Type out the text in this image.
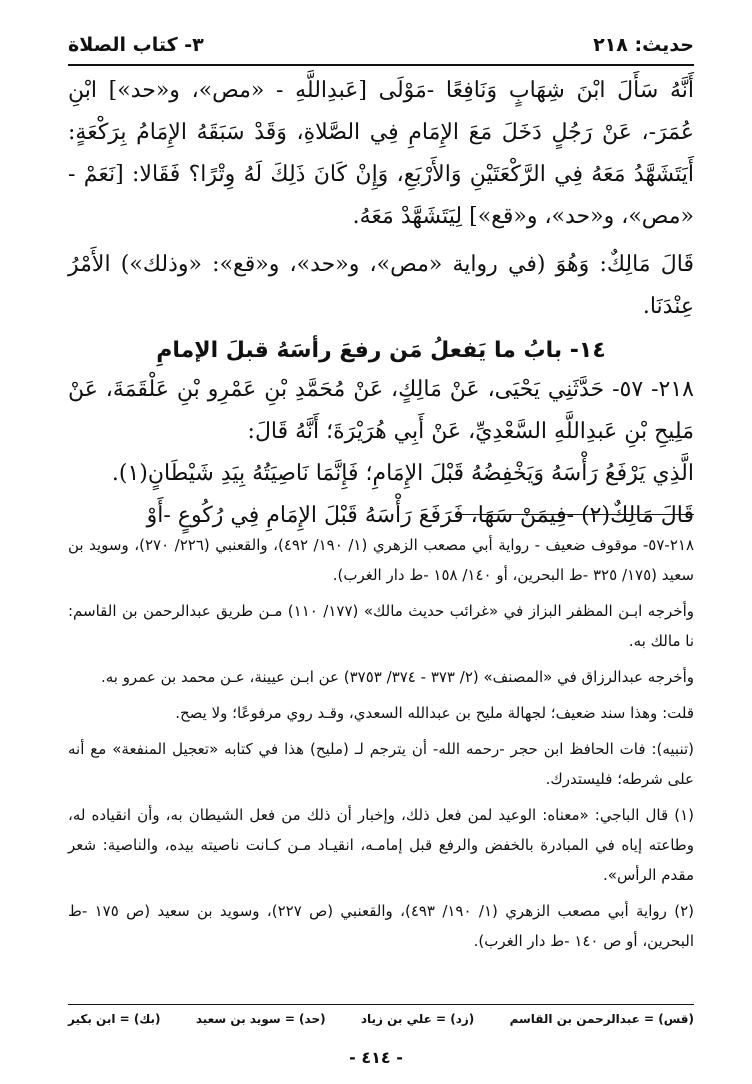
حديث: ٢١٨
٣- كتاب الصلاة

أَنَّهُ سَأَلَ ابْنَ شِهَابٍ وَنَافِعًا -مَوْلَى [عَبدِاللَّهِ - «مص»، و«حد»] ابْنِ عُمَرَ-، عَنْ رَجُلٍ دَخَلَ مَعَ الإِمَامِ فِي الصَّلاةِ، وَقَدْ سَبَقَهُ الإِمَامُ بِرَكْعَةٍ: أَيَتَشَهَّدُ مَعَهُ فِي الرَّكْعَتَيْنِ وَالأَرْبَعِ، وَإِنْ كَانَ ذَلِكَ لَهُ وِتْرًا؟ فَقَالا: [نَعَمْ - «مص»، و«حد»، و«قع»] لِيَتَشَهَّدْ مَعَهُ.

قَالَ مَالِكٌ: وَهُوَ (في رواية «مص»، و«حد»، و«قع»: «وذلك») الأَمْرُ عِنْدَنَا.

١٤- بابُ ما يَفعلُ مَن رفعَ رأسَهُ قبلَ الإمامِ

٢١٨- ٥٧- حَدَّثَنِي يَحْيَى، عَنْ مَالِكٍ، عَنْ مُحَمَّدِ بْنِ عَمْرِو بْنِ عَلْقَمَةَ، عَنْ مَلِيحِ بْنِ عَبدِاللَّهِ السَّعْدِيِّ، عَنْ أَبِي هُرَيْرَةَ؛ أَنَّهُ قَالَ:

الَّذِي يَرْفَعُ رَأْسَهُ وَيَخْفِضُهُ قَبْلَ الإِمَامِ؛ فَإِنَّمَا نَاصِيَتُهُ بِيَدِ شَيْطَانٍ(١).

قَالَ مَالِكٌ(٢) -فِيمَنْ سَهَا، فَرَفَعَ رَأْسَهُ قَبْلَ الإِمَامِ فِي رُكُوعٍ -أَوْ

٢١٨-٥٧- موقوف ضعيف - رواية أبي مصعب الزهري (١/ ١٩٠/ ٤٩٢)، والقعنبي (٢٢٦/ ٢٧٠)، وسويد بن سعيد (١٧٥/ ٣٢٥ -ط البحرين، أو ١٤٠/ ١٥٨ -ط دار الغرب).

وأخرجه ابـن المظفر البزاز في «غرائب حديث مالك» (١٧٧/ ١١٠) مـن طريق عبدالرحمن بن القاسم: نا مالك به.

وأخرجه عبدالرزاق في «المصنف» (٢/ ٣٧٣ - ٣٧٤/ ٣٧٥٣) عن ابـن عيينة، عـن محمد بن عمرو به.

قلت: وهذا سند ضعيف؛ لجهالة مليح بن عبدالله السعدي، وقـد روي مرفوعًا؛ ولا يصح.

(تنبيه): فات الحافظ ابن حجر -رحمه الله- أن يترجم لـ (مليح) هذا في كتابه «تعجيل المنفعة» مع أنه على شرطه؛ فليستدرك.

(١) قال الباجي: «معناه: الوعيد لمن فعل ذلك، وإخبار أن ذلك من فعل الشيطان به، وأن انقياده له، وطاعته إياه في المبادرة بالخفض والرفع قبل إمامـه، انقيـاد مـن كـانت ناصيته بيده، والناصية: شعر مقدم الرأس».

(٢) رواية أبي مصعب الزهري (١/ ١٩٠/ ٤٩٣)، والقعنبي (ص ٢٢٧)، وسويد بن سعيد (ص ١٧٥ -ط البحرين، أو ص ١٤٠ -ط دار الغرب).

(قس) = عبدالرحمن بن القاسم
(زد) = علي بن زياد
(حد) = سويد بن سعيد
(بك) = ابن بكير
- ٤١٤ -
